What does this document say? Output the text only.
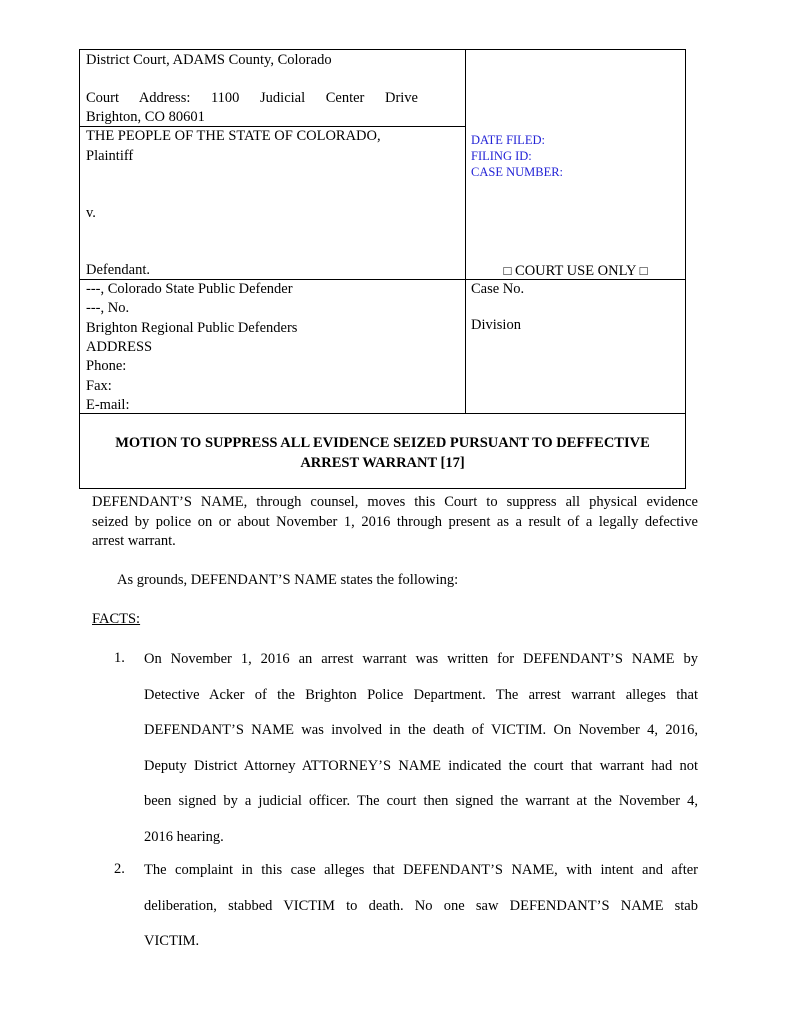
District Court, ADAMS County, Colorado
Court Address: 1100 Judicial Center Drive
Brighton, CO 80601
THE PEOPLE OF THE STATE OF COLORADO,
Plaintiff
v.
Defendant.
DATE FILED:
FILING ID:
CASE NUMBER:
□ COURT USE ONLY □
---, Colorado State Public Defender
---, No.
Brighton Regional Public Defenders
ADDRESS
Phone:
Fax:
E-mail:
Case No.
Division
MOTION TO SUPPRESS ALL EVIDENCE SEIZED PURSUANT TO DEFFECTIVE
ARREST WARRANT [17]
DEFENDANT’S NAME, through counsel, moves this Court to suppress all physical evidence
seized by police on or about November 1, 2016 through present as a result of a legally defective
arrest warrant.
As grounds, DEFENDANT’S NAME states the following:
FACTS:
1. On November 1, 2016 an arrest warrant was written for DEFENDANT’S NAME by
Detective Acker of the Brighton Police Department. The arrest warrant alleges that
DEFENDANT’S NAME was involved in the death of VICTIM. On November 4, 2016,
Deputy District Attorney ATTORNEY’S NAME indicated the court that warrant had not
been signed by a judicial officer. The court then signed the warrant at the November 4,
2016 hearing.
2. The complaint in this case alleges that DEFENDANT’S NAME, with intent and after
deliberation, stabbed VICTIM to death. No one saw DEFENDANT’S NAME stab
VICTIM.
